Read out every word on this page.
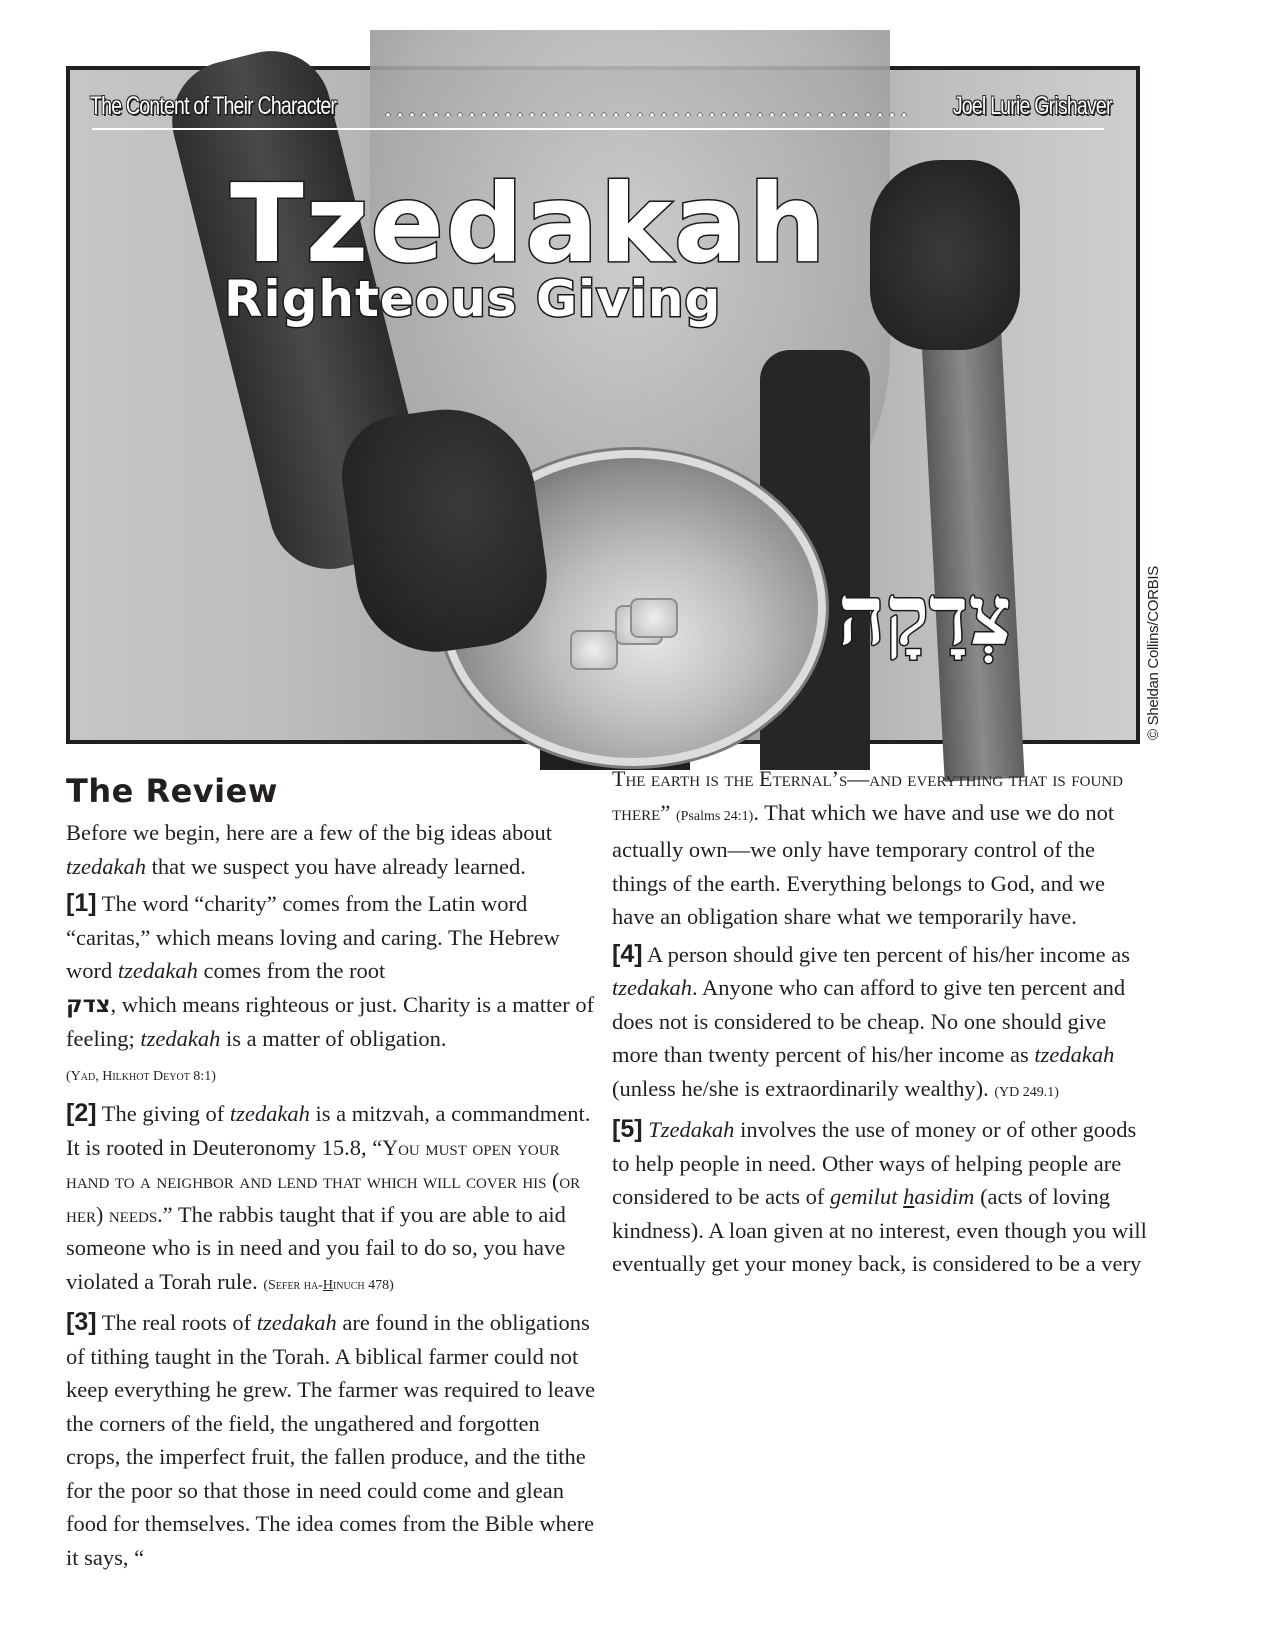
The Content of Their Character	Joel Lurie Grishaver
Tzedakah
Righteous Giving
צְדָקָה	© Sheldan Collins/CORBIS
The Review

Before we begin, here are a few of the big ideas about tzedakah that we suspect you have already learned.

[1] The word “charity” comes from the Latin word “caritas,” which means loving and caring. The Hebrew word tzedakah comes from the root
צדק, which means righteous or just. Charity is a matter of feeling; tzedakah is a matter of obligation.
(Yad, Hilkhot Deyot 8:1)

[2] The giving of tzedakah is a mitzvah, a commandment. It is rooted in Deuteronomy 15.8, “You must open your hand to a neighbor and lend that which will cover his (or her) needs.” The rabbis taught that if you are able to aid someone who is in need and you fail to do so, you have violated a Torah rule. (Sefer ha-Hinuch 478)

[3] The real roots of tzedakah are found in the obligations of tithing taught in the Torah. A biblical farmer could not keep everything he grew. The farmer was required to leave the corners of the field, the ungathered and forgotten crops, the imperfect fruit, the fallen produce, and the tithe for the poor so that those in need could come and glean food for themselves. The idea comes from the Bible where it says, “

The earth is the Eternal’s—and everything that is found there” (Psalms 24:1). That which we have and use we do not actually own—we only have temporary control of the things of the earth. Everything belongs to God, and we have an obligation share what we temporarily have.

[4] A person should give ten percent of his/her income as tzedakah. Anyone who can afford to give ten percent and does not is considered to be cheap. No one should give more than twenty percent of his/her income as tzedakah (unless he/she is extraordinarily wealthy). (YD 249.1)

[5] Tzedakah involves the use of money or of other goods to help people in need. Other ways of helping people are considered to be acts of gemilut hasidim (acts of loving kindness). A loan given at no interest, even though you will eventually get your money back, is considered to be a very
